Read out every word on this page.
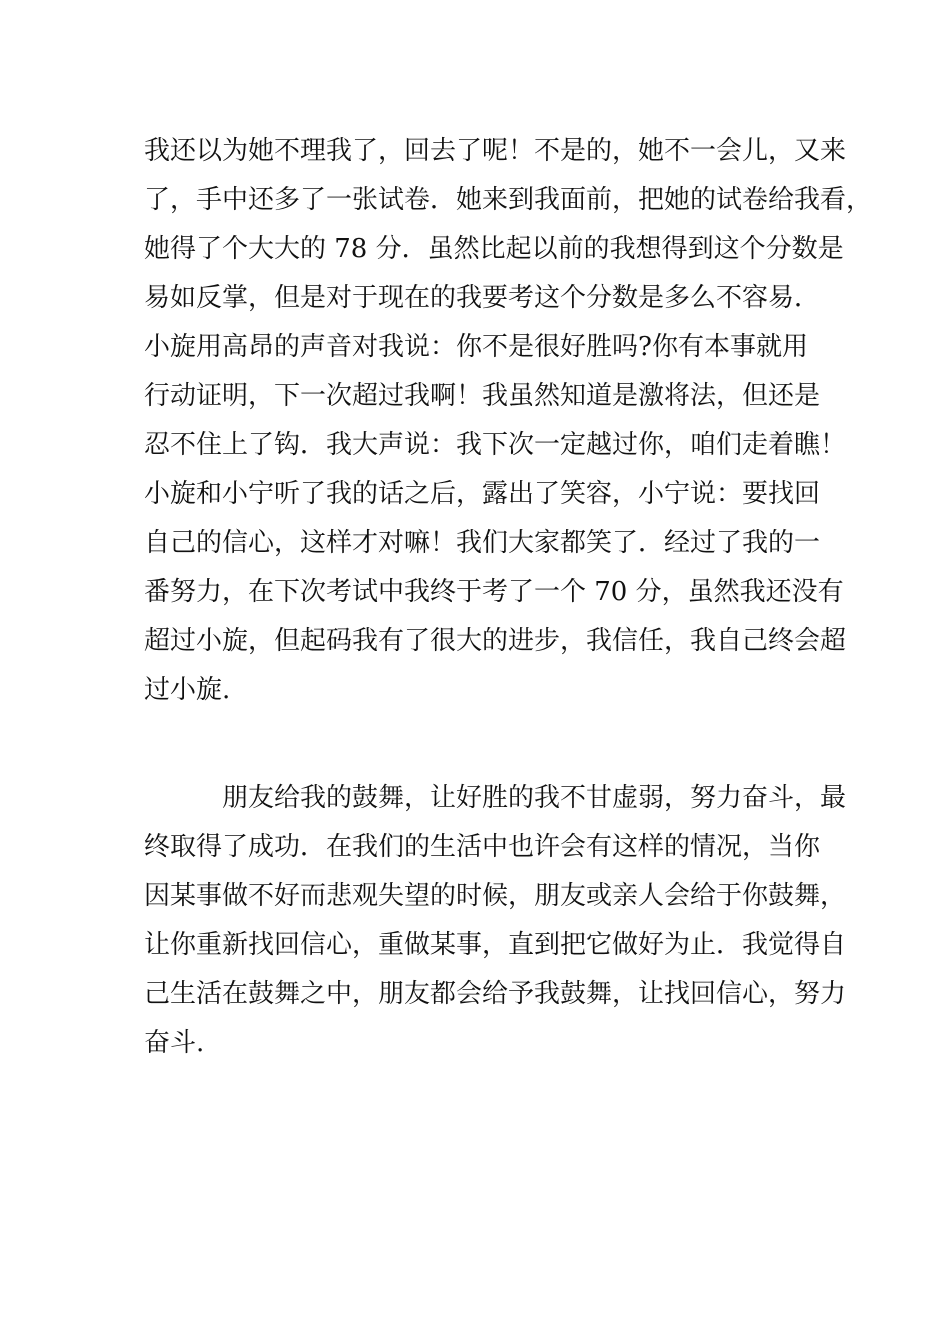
我还以为她不理我了，回去了呢！不是的，她不一会儿，又来
了，手中还多了一张试卷．她来到我面前，把她的试卷给我看，
她得了个大大的 78 分．虽然比起以前的我想得到这个分数是
易如反掌，但是对于现在的我要考这个分数是多么不容易．
小旋用高昂的声音对我说：你不是很好胜吗?你有本事就用
行动证明，下一次超过我啊！我虽然知道是激将法，但还是
忍不住上了钩．我大声说：我下次一定越过你，咱们走着瞧！
小旋和小宁听了我的话之后，露出了笑容，小宁说：要找回
自己的信心，这样才对嘛！我们大家都笑了．经过了我的一
番努力，在下次考试中我终于考了一个 70 分，虽然我还没有
超过小旋，但起码我有了很大的进步，我信任，我自己终会超
过小旋.
朋友给我的鼓舞，让好胜的我不甘虚弱，努力奋斗，最
终取得了成功．在我们的生活中也许会有这样的情况，当你
因某事做不好而悲观失望的时候，朋友或亲人会给于你鼓舞，
让你重新找回信心，重做某事，直到把它做好为止．我觉得自
己生活在鼓舞之中，朋友都会给予我鼓舞，让找回信心，努力
奋斗.
